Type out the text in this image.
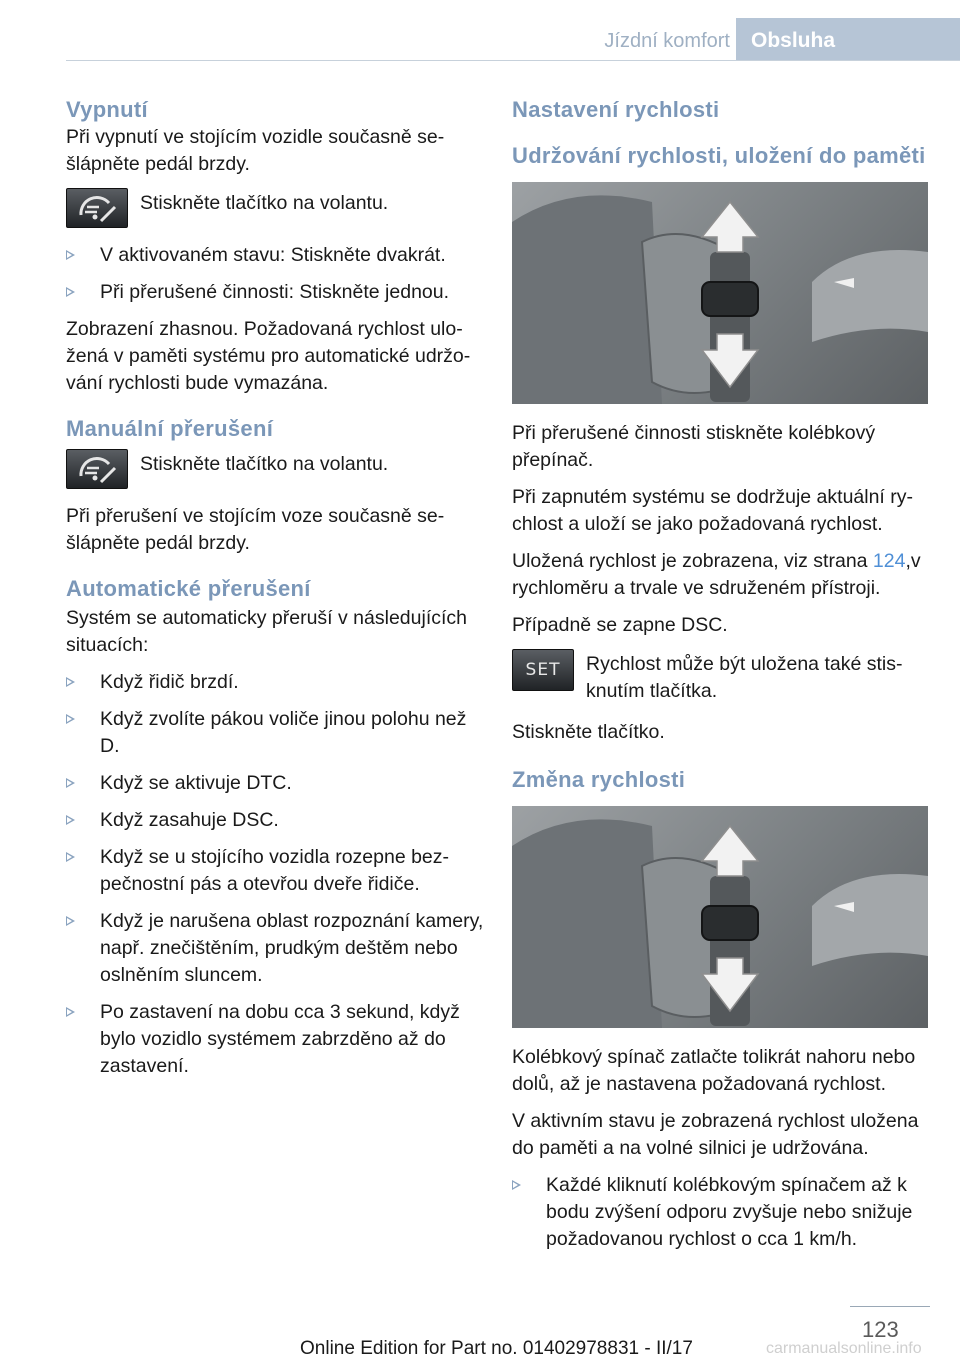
Jízdní komfort	Obsluha
Vypnutí

Při vypnutí ve stojícím vozidle současně sešlápněte pedál brzdy.

Stiskněte tlačítko na volantu.
V aktivovaném stavu: Stiskněte dvakrát.
Při přerušené činnosti: Stiskněte jednou.

Zobrazení zhasnou. Požadovaná rychlost uložená v paměti systému pro automatické udržování rychlosti bude vymazána.

Manuální přerušení
Stiskněte tlačítko na volantu.

Při přerušení ve stojícím voze současně sešlápněte pedál brzdy.

Automatické přerušení

Systém se automaticky přeruší v následujících situacích:

Když řidič brzdí.
Když zvolíte pákou voliče jinou polohu než D.
Když se aktivuje DTC.
Když zasahuje DSC.
Když se u stojícího vozidla rozepne bezpečnostní pás a otevřou dveře řidiče.
Když je narušena oblast rozpoznání kamery, např. znečištěním, prudkým deštěm nebo oslněním sluncem.
Po zastavení na dobu cca 3 sekund, když bylo vozidlo systémem zabrzděno až do zastavení.
Nastavení rychlosti
Udržování rychlosti, uložení do paměti

Při přerušené činnosti stiskněte kolébkový přepínač.

Při zapnutém systému se dodržuje aktuální rychlost a uloží se jako požadovaná rychlost.

Uložená rychlost je zobrazena, viz strana 124,v rychloměru a trvale ve sdruženém přístroji.

Případně se zapne DSC.

SET Rychlost může být uložena také stisknutím tlačítka.

Stiskněte tlačítko.

Změna rychlosti

Kolébkový spínač zatlačte tolikrát nahoru nebo dolů, až je nastavena požadovaná rychlost.

V aktivním stavu je zobrazená rychlost uložena do paměti a na volné silnici je udržována.

Každé kliknutí kolébkovým spínačem až k bodu zvýšení odporu zvyšuje nebo snižuje požadovanou rychlost o cca 1 km/h.
123
Online Edition for Part no. 01402978831 - II/17	carmanualsonline.info
